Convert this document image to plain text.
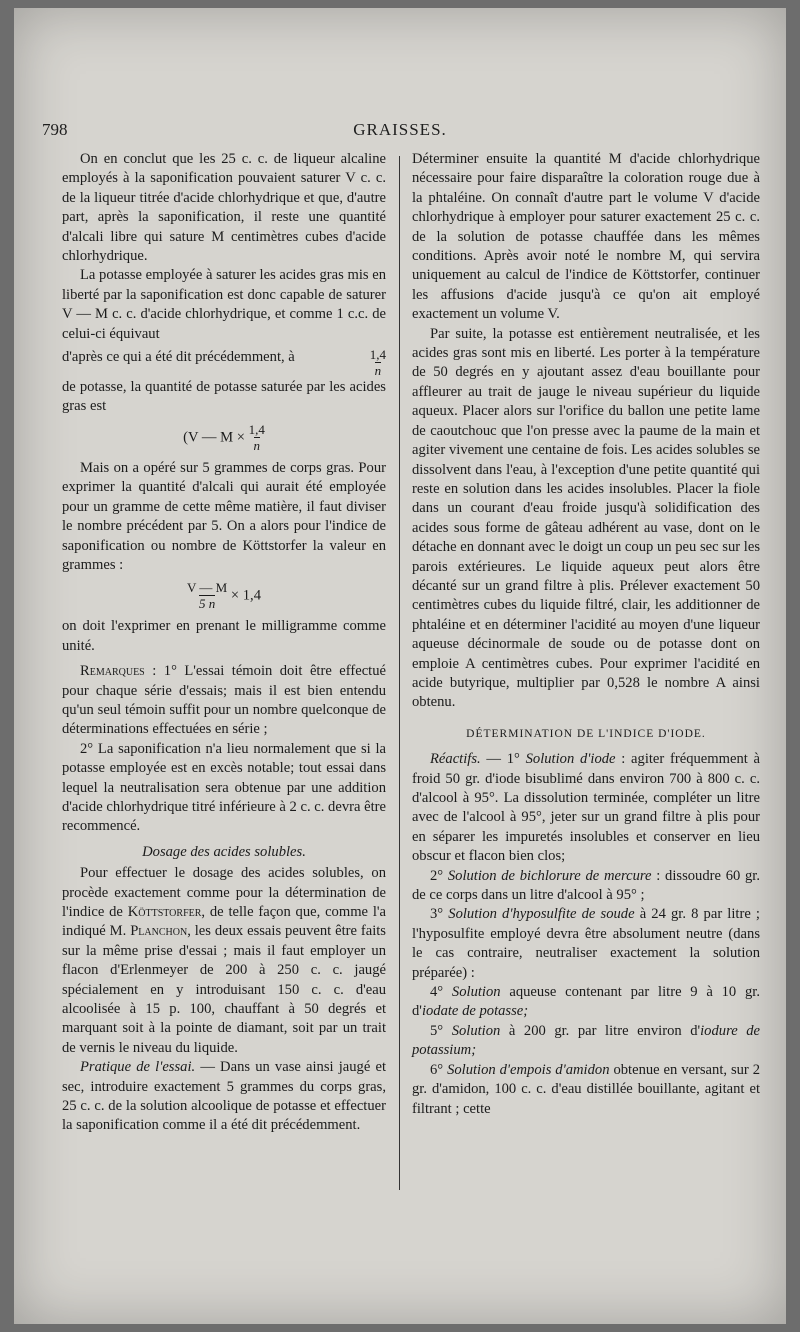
798	GRAISSES.

On en conclut que les 25 c. c. de liqueur alcaline employés à la saponification pouvaient saturer V c. c. de la liqueur titrée d'acide chlorhydrique et que, d'autre part, après la saponification, il reste une quantité d'alcali libre qui sature M centimètres cubes d'acide chlorhydrique.

La potasse employée à saturer les acides gras mis en liberté par la saponification est donc capable de saturer V — M c. c. d'acide chlorhydrique, et comme 1 c.c. de celui-ci équivaut

$\frac{1,4}{n}$
d'après ce qui a été dit précédemment, à

de potasse, la quantité de potasse saturée par les acides gras est

(V — $M \times \frac{1,4}{n}$

Mais on a opéré sur 5 grammes de corps gras. Pour exprimer la quantité d'alcali qui aurait été employée pour un gramme de cette même matière, il faut diviser le nombre précédent par 5. On a alors pour l'indice de saponification ou nombre de Köttstorfer la valeur en grammes :

$\frac{V — M}{5 n} \times 1,4$

on doit l'exprimer en prenant le milligramme comme unité.

Remarques : 1° L'essai témoin doit être effectué pour chaque série d'essais; mais il est bien entendu qu'un seul témoin suffit pour un nombre quelconque de déterminations effectuées en série ;

2° La saponification n'a lieu normalement que si la potasse employée est en excès notable; tout essai dans lequel la neutralisation sera obtenue par une addition d'acide chlorhydrique titré inférieure à 2 c. c. devra être recommencé.

Dosage des acides solubles.

Pour effectuer le dosage des acides solubles, on procède exactement comme pour la détermination de l'indice de Köttstorfer, de telle façon que, comme l'a indiqué M. Planchon, les deux essais peuvent être faits sur la même prise d'essai ; mais il faut employer un flacon d'Erlenmeyer de 200 à 250 c. c. jaugé spécialement en y introduisant 150 c. c. d'eau alcoolisée à 15 p. 100, chauffant à 50 degrés et marquant soit à la pointe de diamant, soit par un trait de vernis le niveau du liquide.

Pratique de l'essai. — Dans un vase ainsi jaugé et sec, introduire exactement 5 grammes du corps gras, 25 c. c. de la solution alcoolique de potasse et effectuer la saponification comme il a été dit précédemment.

Déterminer ensuite la quantité M d'acide chlorhydrique nécessaire pour faire disparaître la coloration rouge due à la phtaléine. On connaît d'autre part le volume V d'acide chlorhydrique à employer pour saturer exactement 25 c. c. de la solution de potasse chauffée dans les mêmes conditions. Après avoir noté le nombre M, qui servira uniquement au calcul de l'indice de Köttstorfer, continuer les affusions d'acide jusqu'à ce qu'on ait employé exactement un volume V.

Par suite, la potasse est entièrement neutralisée, et les acides gras sont mis en liberté. Les porter à la température de 50 degrés en y ajoutant assez d'eau bouillante pour affleurer au trait de jauge le niveau supérieur du liquide aqueux. Placer alors sur l'orifice du ballon une petite lame de caoutchouc que l'on presse avec la paume de la main et agiter vivement une centaine de fois. Les acides solubles se dissolvent dans l'eau, à l'exception d'une petite quantité qui reste en solution dans les acides insolubles. Placer la fiole dans un courant d'eau froide jusqu'à solidification des acides sous forme de gâteau adhérent au vase, dont on le détache en donnant avec le doigt un coup un peu sec sur les parois extérieures. Le liquide aqueux peut alors être décanté sur un grand filtre à plis. Prélever exactement 50 centimètres cubes du liquide filtré, clair, les additionner de phtaléine et en déterminer l'acidité au moyen d'une liqueur aqueuse décinormale de soude ou de potasse dont on emploie A centimètres cubes. Pour exprimer l'acidité en acide butyrique, multiplier par 0,528 le nombre A ainsi obtenu.

DÉTERMINATION DE L'INDICE D'IODE.

Réactifs. — 1° Solution d'iode : agiter fréquemment à froid 50 gr. d'iode bisublimé dans environ 700 à 800 c. c. d'alcool à 95°. La dissolution terminée, compléter un litre avec de l'alcool à 95°, jeter sur un grand filtre à plis pour en séparer les impuretés insolubles et conserver en lieu obscur et flacon bien clos;

2° Solution de bichlorure de mercure : dissoudre 60 gr. de ce corps dans un litre d'alcool à 95° ;

3° Solution d'hyposulfite de soude à 24 gr. 8 par litre ; l'hyposulfite employé devra être absolument neutre (dans le cas contraire, neutraliser exactement la solution préparée) :

4° Solution aqueuse contenant par litre 9 à 10 gr. d'iodate de potasse;

5° Solution à 200 gr. par litre environ d'iodure de potassium;

6° Solution d'empois d'amidon obtenue en versant, sur 2 gr. d'amidon, 100 c. c. d'eau distillée bouillante, agitant et filtrant ; cette
